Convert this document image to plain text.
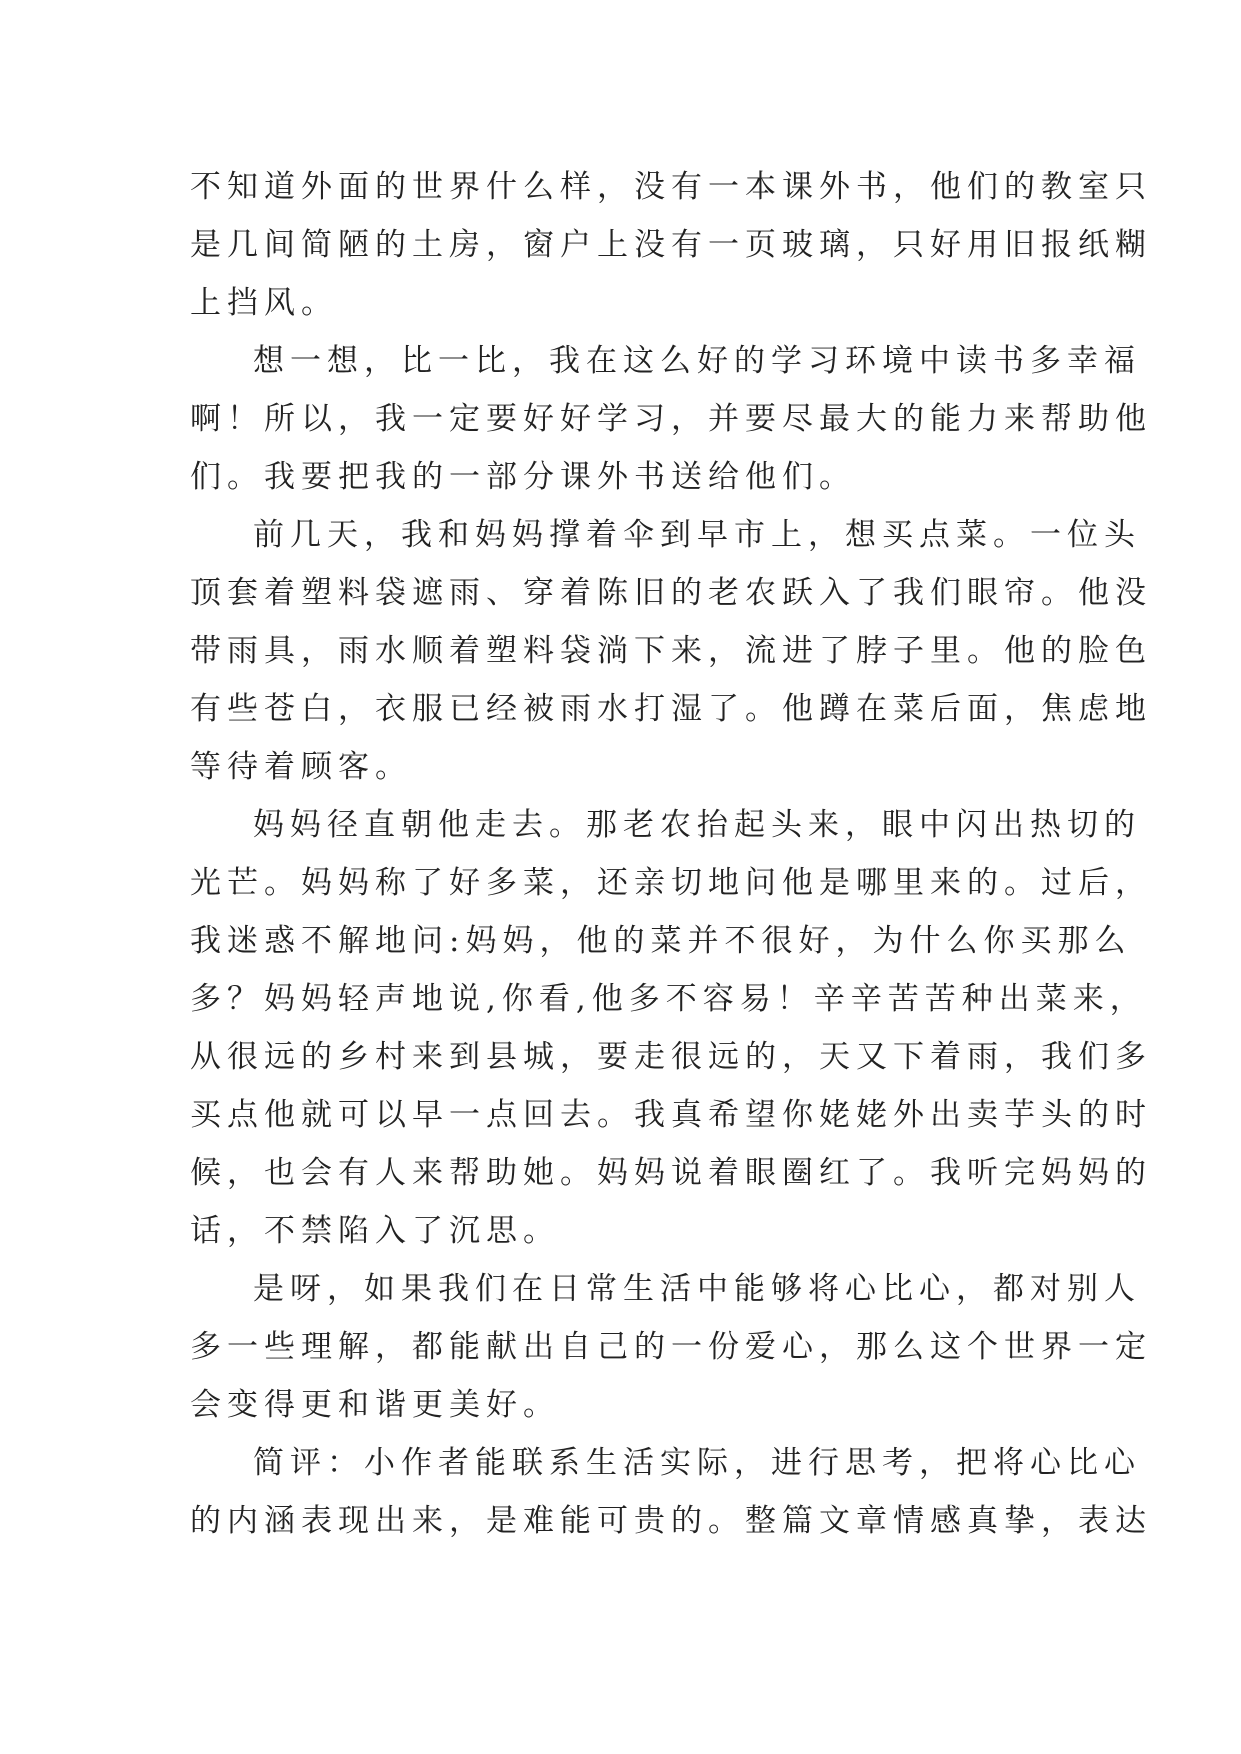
不知道外面的世界什么样，没有一本课外书，他们的教室只
是几间简陋的土房，窗户上没有一页玻璃，只好用旧报纸糊
上挡风。
想一想，比一比，我在这么好的学习环境中读书多幸福
啊！所以，我一定要好好学习，并要尽最大的能力来帮助他
们。我要把我的一部分课外书送给他们。
前几天，我和妈妈撑着伞到早市上，想买点菜。一位头
顶套着塑料袋遮雨、穿着陈旧的老农跃入了我们眼帘。他没
带雨具，雨水顺着塑料袋淌下来，流进了脖子里。他的脸色
有些苍白，衣服已经被雨水打湿了。他蹲在菜后面，焦虑地
等待着顾客。
妈妈径直朝他走去。那老农抬起头来，眼中闪出热切的
光芒。妈妈称了好多菜，还亲切地问他是哪里来的。过后，
我迷惑不解地问:妈妈，他的菜并不很好，为什么你买那么
多？妈妈轻声地说,你看,他多不容易！辛辛苦苦种出菜来，
从很远的乡村来到县城，要走很远的，天又下着雨，我们多
买点他就可以早一点回去。我真希望你姥姥外出卖芋头的时
候，也会有人来帮助她。妈妈说着眼圈红了。我听完妈妈的
话，不禁陷入了沉思。
是呀，如果我们在日常生活中能够将心比心，都对别人
多一些理解，都能献出自己的一份爱心，那么这个世界一定
会变得更和谐更美好。
简评：小作者能联系生活实际，进行思考，把将心比心
的内涵表现出来，是难能可贵的。整篇文章情感真挚，表达
